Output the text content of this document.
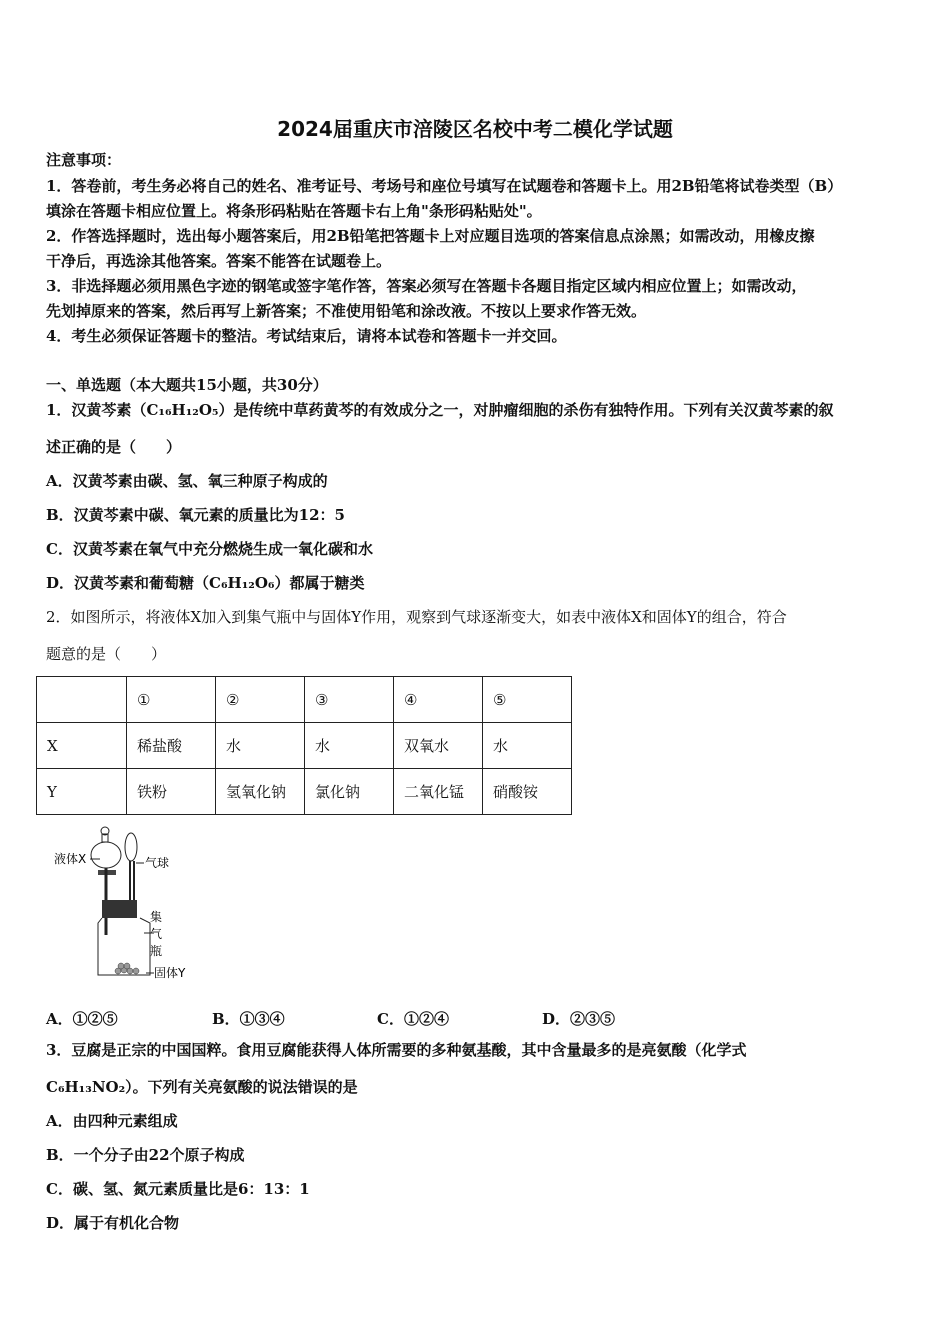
2024届重庆市涪陵区名校中考二模化学试题
注意事项：
1．答卷前，考生务必将自己的姓名、准考证号、考场号和座位号填写在试题卷和答题卡上。用2B铅笔将试卷类型（B）
填涂在答题卡相应位置上。将条形码粘贴在答题卡右上角"条形码粘贴处"。
2．作答选择题时，选出每小题答案后，用2B铅笔把答题卡上对应题目选项的答案信息点涂黑；如需改动，用橡皮擦
干净后，再选涂其他答案。答案不能答在试题卷上。
3．非选择题必须用黑色字迹的钢笔或签字笔作答，答案必须写在答题卡各题目指定区域内相应位置上；如需改动，
先划掉原来的答案，然后再写上新答案；不准使用铅笔和涂改液。不按以上要求作答无效。
4．考生必须保证答题卡的整洁。考试结束后，请将本试卷和答题卡一并交回。
一、单选题（本大题共15小题，共30分）
1．汉黄芩素（C₁₆H₁₂O₅）是传统中草药黄芩的有效成分之一，对肿瘤细胞的杀伤有独特作用。下列有关汉黄芩素的叙
述正确的是（　　）
A．汉黄芩素由碳、氢、氧三种原子构成的
B．汉黄芩素中碳、氧元素的质量比为12：5
C．汉黄芩素在氧气中充分燃烧生成一氧化碳和水
D．汉黄芩素和葡萄糖（C₆H₁₂O₆）都属于糖类
2．如图所示，将液体X加入到集气瓶中与固体Y作用，观察到气球逐渐变大，如表中液体X和固体Y的组合，符合
题意的是（　　）
	①	②	③	④	⑤
X	稀盐酸	水	水	双氧水	水
Y	铁粉	氢氧化钠	氯化钠	二氧化锰	硝酸铵
液体X	气球
集
气
瓶
固体Y
A．①②⑤	B．①③④	C．①②④	D．②③⑤
3．豆腐是正宗的中国国粹。食用豆腐能获得人体所需要的多种氨基酸，其中含量最多的是亮氨酸（化学式
C₆H₁₃NO₂）。下列有关亮氨酸的说法错误的是
A．由四种元素组成
B．一个分子由22个原子构成
C．碳、氢、氮元素质量比是6：13：1
D．属于有机化合物
